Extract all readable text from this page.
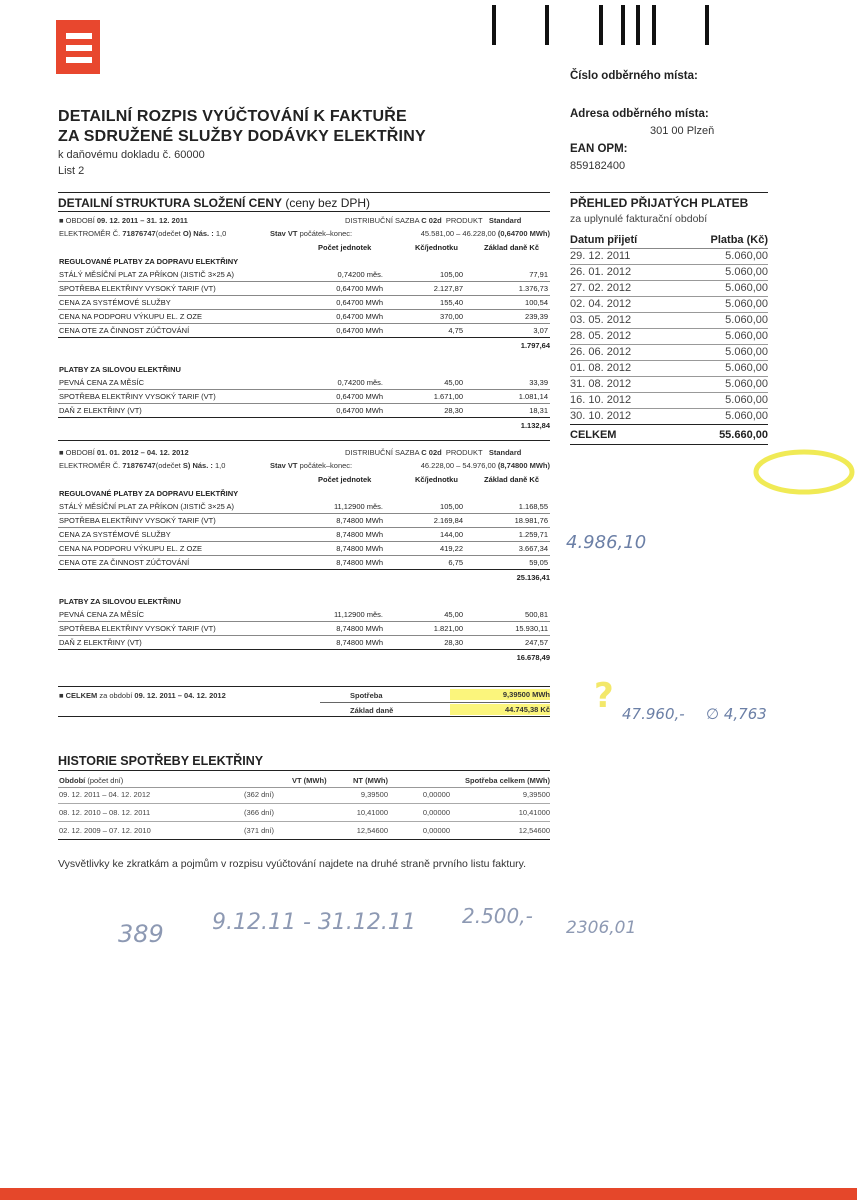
DETAILNÍ ROZPIS VYÚČTOVÁNÍ K FAKTUŘE
ZA SDRUŽENÉ SLUŽBY DODÁVKY ELEKTŘINY
k daňovému dokladu č. 60000
List 2
Číslo odběrného místa:
Adresa odběrného místa:
301 00 Plzeň
EAN OPM:
859182400
DETAILNÍ STRUKTURA SLOŽENÍ CENY (ceny bez DPH)
■ OBDOBÍ 09. 12. 2011 – 31. 12. 2011	DISTRIBUČNÍ SAZBA C 02d PRODUKT Standard
ELEKTROMĚR Č. 71876747(odečet O) Nás. : 1,0	Stav VT počátek–konec:	45.581,00 – 46.228,00 (0,64700 MWh)
Počet jednotek	Kč/jednotku	Základ daně Kč
REGULOVANÉ PLATBY ZA DOPRAVU ELEKTŘINY
STÁLÝ MĚSÍČNÍ PLAT ZA PŘÍKON (JISTIČ 3×25 A)	0,74200 měs.	105,00	77,91
SPOTŘEBA ELEKTŘINY VYSOKÝ TARIF (VT)	0,64700 MWh	2.127,87	1.376,73
CENA ZA SYSTÉMOVÉ SLUŽBY	0,64700 MWh	155,40	100,54
CENA NA PODPORU VÝKUPU EL. Z OZE	0,64700 MWh	370,00	239,39
CENA OTE ZA ČINNOST ZÚČTOVÁNÍ	0,64700 MWh	4,75	3,07
1.797,64
PLATBY ZA SILOVOU ELEKTŘINU
PEVNÁ CENA ZA MĚSÍC	0,74200 měs.	45,00	33,39
SPOTŘEBA ELEKTŘINY VYSOKÝ TARIF (VT)	0,64700 MWh	1.671,00	1.081,14
DAŇ Z ELEKTŘINY (VT)	0,64700 MWh	28,30	18,31
1.132,84
■ OBDOBÍ 01. 01. 2012 – 04. 12. 2012	DISTRIBUČNÍ SAZBA C 02d PRODUKT Standard
ELEKTROMĚR Č. 71876747(odečet S) Nás. : 1,0	Stav VT počátek–konec:	46.228,00 – 54.976,00 (8,74800 MWh)
Počet jednotek	Kč/jednotku	Základ daně Kč
REGULOVANÉ PLATBY ZA DOPRAVU ELEKTŘINY
STÁLÝ MĚSÍČNÍ PLAT ZA PŘÍKON (JISTIČ 3×25 A)	11,12900 měs.	105,00	1.168,55
SPOTŘEBA ELEKTŘINY VYSOKÝ TARIF (VT)	8,74800 MWh	2.169,84	18.981,76
CENA ZA SYSTÉMOVÉ SLUŽBY	8,74800 MWh	144,00	1.259,71
CENA NA PODPORU VÝKUPU EL. Z OZE	8,74800 MWh	419,22	3.667,34
CENA OTE ZA ČINNOST ZÚČTOVÁNÍ	8,74800 MWh	6,75	59,05
25.136,41
PLATBY ZA SILOVOU ELEKTŘINU
PEVNÁ CENA ZA MĚSÍC	11,12900 měs.	45,00	500,81
SPOTŘEBA ELEKTŘINY VYSOKÝ TARIF (VT)	8,74800 MWh	1.821,00	15.930,11
DAŇ Z ELEKTŘINY (VT)	8,74800 MWh	28,30	247,57
16.678,49
■ CELKEM za období 09. 12. 2011 – 04. 12. 2012	Spotřeba	9,39500 MWh
Základ daně	44.745,38 Kč
PŘEHLED PŘIJATÝCH PLATEB
za uplynulé fakturační období
Datum přijetí	Platba (Kč)
29. 12. 2011	5.060,00
26. 01. 2012	5.060,00
27. 02. 2012	5.060,00
02. 04. 2012	5.060,00
03. 05. 2012	5.060,00
28. 05. 2012	5.060,00
26. 06. 2012	5.060,00
01. 08. 2012	5.060,00
31. 08. 2012	5.060,00
16. 10. 2012	5.060,00
30. 10. 2012	5.060,00
CELKEM	55.660,00
HISTORIE SPOTŘEBY ELEKTŘINY
Období (počet dní)	VT (MWh)	NT (MWh)	Spotřeba celkem (MWh)
09. 12. 2011 – 04. 12. 2012	(362 dní)	9,39500	0,00000	9,39500
08. 12. 2010 – 08. 12. 2011	(366 dní)	10,41000	0,00000	10,41000
02. 12. 2009 – 07. 12. 2010	(371 dní)	12,54600	0,00000	12,54600
Vysvětlivky ke zkratkám a pojmům v rozpisu vyúčtování najdete na druhé straně prvního listu faktury.
4.986,10
? 47.960,- ∅ 4,763
389 9.12.11 - 31.12.11 2.500,- 2306,01
